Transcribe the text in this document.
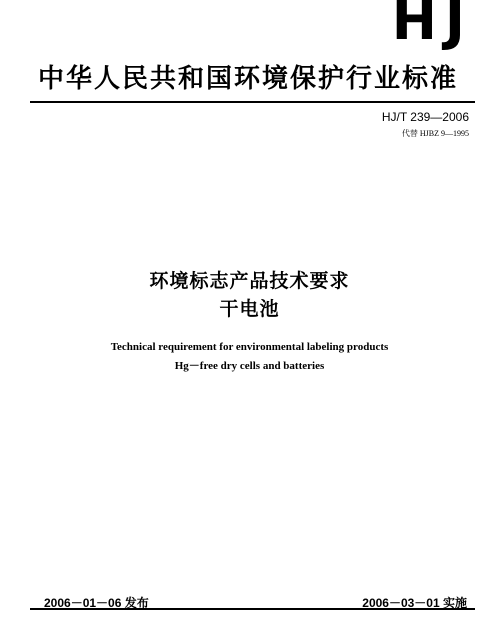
HJ
中华人民共和国环境保护行业标准
HJ/T 239—2006
代替 HJBZ 9—1995
环境标志产品技术要求
干电池
Technical requirement for environmental labeling products
Hg－free dry cells and batteries
2006－01－06 发布	2006－03－01 实施
